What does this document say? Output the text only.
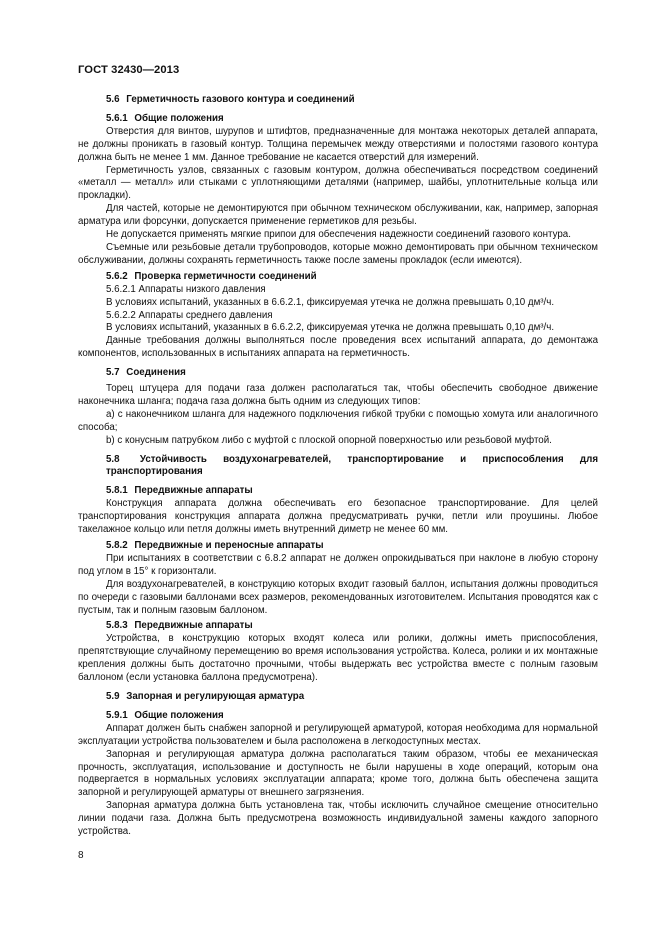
ГОСТ 32430—2013

5.6 Герметичность газового контура и соединений

5.6.1 Общие положения

Отверстия для винтов, шурупов и штифтов, предназначенные для монтажа некоторых деталей аппарата, не должны проникать в газовый контур. Толщина перемычек между отверстиями и полостями газового контура должна быть не менее 1 мм. Данное требование не касается отверстий для измерений.

Герметичность узлов, связанных с газовым контуром, должна обеспечиваться посредством соединений «металл — металл» или стыками с уплотняющими деталями (например, шайбы, уплотнительные кольца или прокладки).

Для частей, которые не демонтируются при обычном техническом обслуживании, как, например, запорная арматура или форсунки, допускается применение герметиков для резьбы.

Не допускается применять мягкие припои для обеспечения надежности соединений газового контура.

Съемные или резьбовые детали трубопроводов, которые можно демонтировать при обычном техническом обслуживании, должны сохранять герметичность также после замены прокладок (если имеются).

5.6.2 Проверка герметичности соединений

5.6.2.1 Аппараты низкого давления

В условиях испытаний, указанных в 6.6.2.1, фиксируемая утечка не должна превышать 0,10 дм³/ч.

5.6.2.2 Аппараты среднего давления

В условиях испытаний, указанных в 6.6.2.2, фиксируемая утечка не должна превышать 0,10 дм³/ч.

Данные требования должны выполняться после проведения всех испытаний аппарата, до демонтажа компонентов, использованных в испытаниях аппарата на герметичность.

5.7 Соединения

Торец штуцера для подачи газа должен располагаться так, чтобы обеспечить свободное движение наконечника шланга; подача газа должна быть одним из следующих типов:

а) с наконечником шланга для надежного подключения гибкой трубки с помощью хомута или аналогичного способа;

b) с конусным патрубком либо с муфтой с плоской опорной поверхностью или резьбовой муфтой.

5.8 Устойчивость воздухонагревателей, транспортирование и приспособления для транспортирования

5.8.1 Передвижные аппараты

Конструкция аппарата должна обеспечивать его безопасное транспортирование. Для целей транспортирования конструкция аппарата должна предусматривать ручки, петли или проушины. Любое такелажное кольцо или петля должны иметь внутренний диметр не менее 60 мм.

5.8.2 Передвижные и переносные аппараты

При испытаниях в соответствии с 6.8.2 аппарат не должен опрокидываться при наклоне в любую сторону под углом в 15° к горизонтали.

Для воздухонагревателей, в конструкцию которых входит газовый баллон, испытания должны проводиться по очереди с газовыми баллонами всех размеров, рекомендованных изготовителем. Испытания проводятся как с пустым, так и полным газовым баллоном.

5.8.3 Передвижные аппараты

Устройства, в конструкцию которых входят колеса или ролики, должны иметь приспособления, препятствующие случайному перемещению во время использования устройства. Колеса, ролики и их монтажные крепления должны быть достаточно прочными, чтобы выдержать вес устройства вместе с полным газовым баллоном (если установка баллона предусмотрена).

5.9 Запорная и регулирующая арматура

5.9.1 Общие положения

Аппарат должен быть снабжен запорной и регулирующей арматурой, которая необходима для нормальной эксплуатации устройства пользователем и была расположена в легкодоступных местах.

Запорная и регулирующая арматура должна располагаться таким образом, чтобы ее механическая прочность, эксплуатация, использование и доступность не были нарушены в ходе операций, которым она подвергается в нормальных условиях эксплуатации аппарата; кроме того, должна быть обеспечена защита запорной и регулирующей арматуры от внешнего загрязнения.

Запорная арматура должна быть установлена так, чтобы исключить случайное смещение относительно линии подачи газа. Должна быть предусмотрена возможность индивидуальной замены каждого запорного устройства.

8
